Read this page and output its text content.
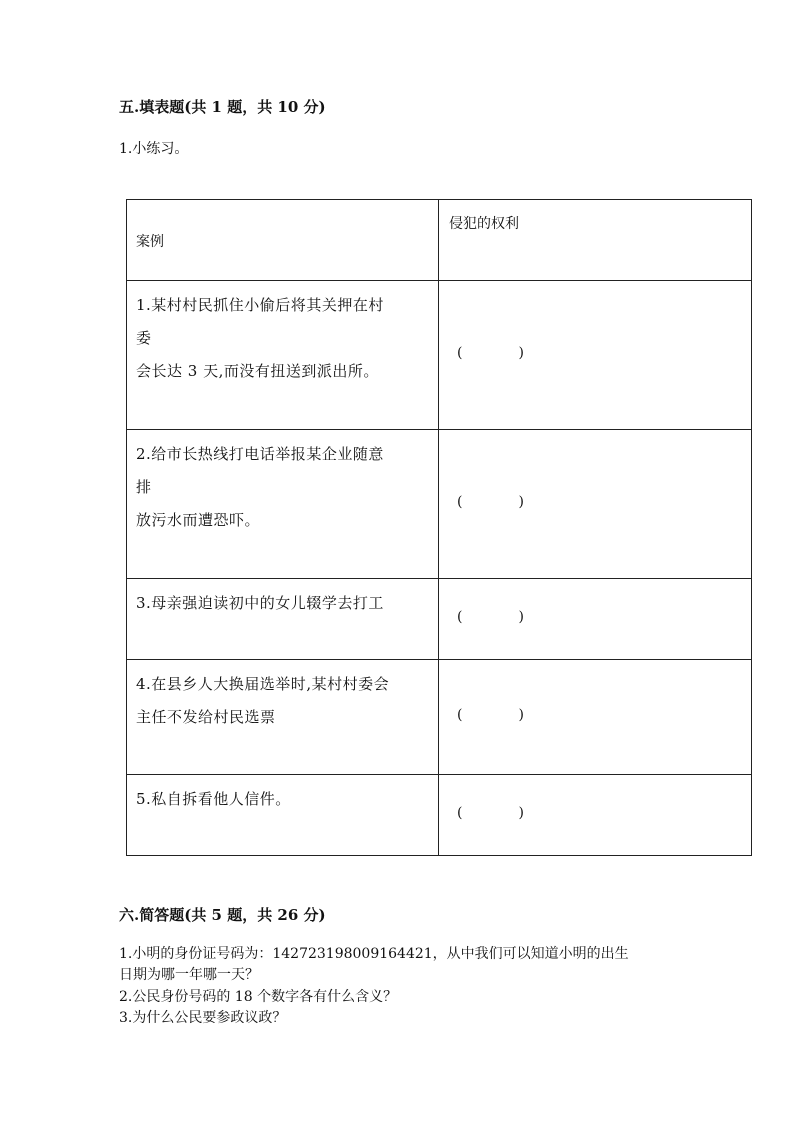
五.填表题(共 1 题，共 10 分)
1.小练习。
案例	侵犯的权利

1.某村村民抓住小偷后将其关押在村
委
会长达 3 天,而没有扭送到派出所。	( )

2.给市长热线打电话举报某企业随意
排
放污水而遭恐吓。	( )

3.母亲强迫读初中的女儿辍学去打工	( )

4.在县乡人大换届选举时,某村村委会
主任不发给村民选票	( )

5.私自拆看他人信件。	( )
六.简答题(共 5 题，共 26 分)
1.小明的身份证号码为：142723198009164421，从中我们可以知道小明的出生
日期为哪一年哪一天？
2.公民身份号码的 18 个数字各有什么含义？
3.为什么公民要参政议政？
